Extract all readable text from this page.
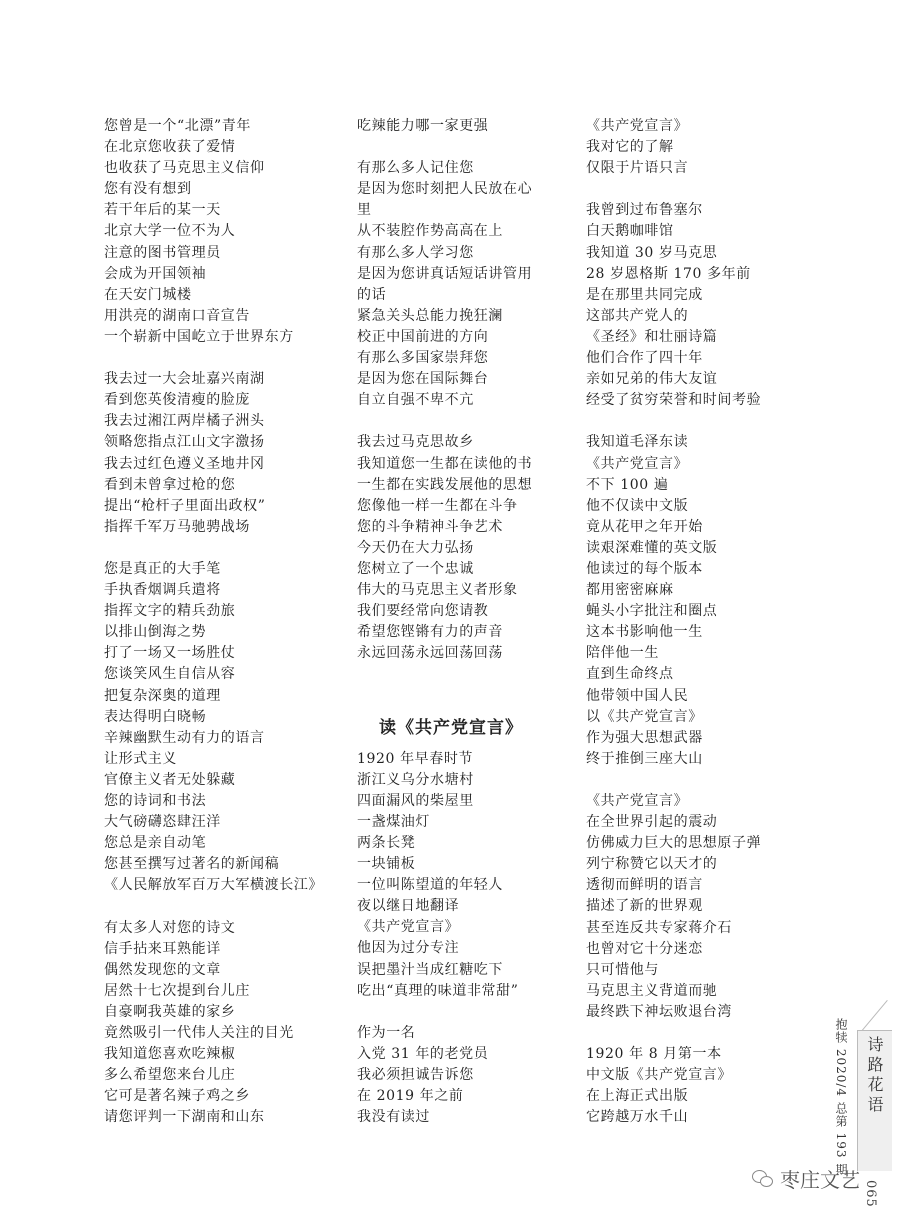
您曾是一个“北漂”青年
在北京您收获了爱情
也收获了马克思主义信仰
您有没有想到
若干年后的某一天
北京大学一位不为人
注意的图书管理员
会成为开国领袖
在天安门城楼
用洪亮的湖南口音宣告
一个崭新中国屹立于世界东方
我去过一大会址嘉兴南湖
看到您英俊清瘦的脸庞
我去过湘江两岸橘子洲头
领略您指点江山文字激扬
我去过红色遵义圣地井冈
看到未曾拿过枪的您
提出“枪杆子里面出政权”
指挥千军万马驰骋战场
您是真正的大手笔
手执香烟调兵遣将
指挥文字的精兵劲旅
以排山倒海之势
打了一场又一场胜仗
您谈笑风生自信从容
把复杂深奥的道理
表达得明白晓畅
辛辣幽默生动有力的语言
让形式主义
官僚主义者无处躲藏
您的诗词和书法
大气磅礴恣肆汪洋
您总是亲自动笔
您甚至撰写过著名的新闻稿
《人民解放军百万大军横渡长江》
有太多人对您的诗文
信手拈来耳熟能详
偶然发现您的文章
居然十七次提到台儿庄
自豪啊我英雄的家乡
竟然吸引一代伟人关注的目光
我知道您喜欢吃辣椒
多么希望您来台儿庄
它可是著名辣子鸡之乡
请您评判一下湖南和山东
吃辣能力哪一家更强
有那么多人记住您
是因为您时刻把人民放在心
里
从不装腔作势高高在上
有那么多人学习您
是因为您讲真话短话讲管用
的话
紧急关头总能力挽狂澜
校正中国前进的方向
有那么多国家崇拜您
是因为您在国际舞台
自立自强不卑不亢
我去过马克思故乡
我知道您一生都在读他的书
一生都在实践发展他的思想
您像他一样一生都在斗争
您的斗争精神斗争艺术
今天仍在大力弘扬
您树立了一个忠诚
伟大的马克思主义者形象
我们要经常向您请教
希望您铿锵有力的声音
永远回荡永远回荡回荡
读《共产党宣言》
1920 年早春时节
浙江义乌分水塘村
四面漏风的柴屋里
一盏煤油灯
两条长凳
一块铺板
一位叫陈望道的年轻人
夜以继日地翻译
《共产党宣言》
他因为过分专注
误把墨汁当成红糖吃下
吃出“真理的味道非常甜”
作为一名
入党 31 年的老党员
我必须担诚告诉您
在 2019 年之前
我没有读过
《共产党宣言》
我对它的了解
仅限于片语只言
我曾到过布鲁塞尔
白天鹅咖啡馆
我知道 30 岁马克思
28 岁恩格斯 170 多年前
是在那里共同完成
这部共产党人的
《圣经》和壮丽诗篇
他们合作了四十年
亲如兄弟的伟大友谊
经受了贫穷荣誉和时间考验
我知道毛泽东读
《共产党宣言》
不下 100 遍
他不仅读中文版
竟从花甲之年开始
读艰深难懂的英文版
他读过的每个版本
都用密密麻麻
蝇头小字批注和圈点
这本书影响他一生
陪伴他一生
直到生命终点
他带领中国人民
以《共产党宣言》
作为强大思想武器
终于推倒三座大山
《共产党宣言》
在全世界引起的震动
仿佛威力巨大的思想原子弹
列宁称赞它以天才的
透彻而鲜明的语言
描述了新的世界观
甚至连反共专家蒋介石
也曾对它十分迷恋
只可惜他与
马克思主义背道而驰
最终跌下神坛败退台湾
1920 年 8 月第一本
中文版《共产党宣言》
在上海正式出版
它跨越万水千山	抱犊 2020/4 总第 193 期 诗路花语
065
枣庄文艺
